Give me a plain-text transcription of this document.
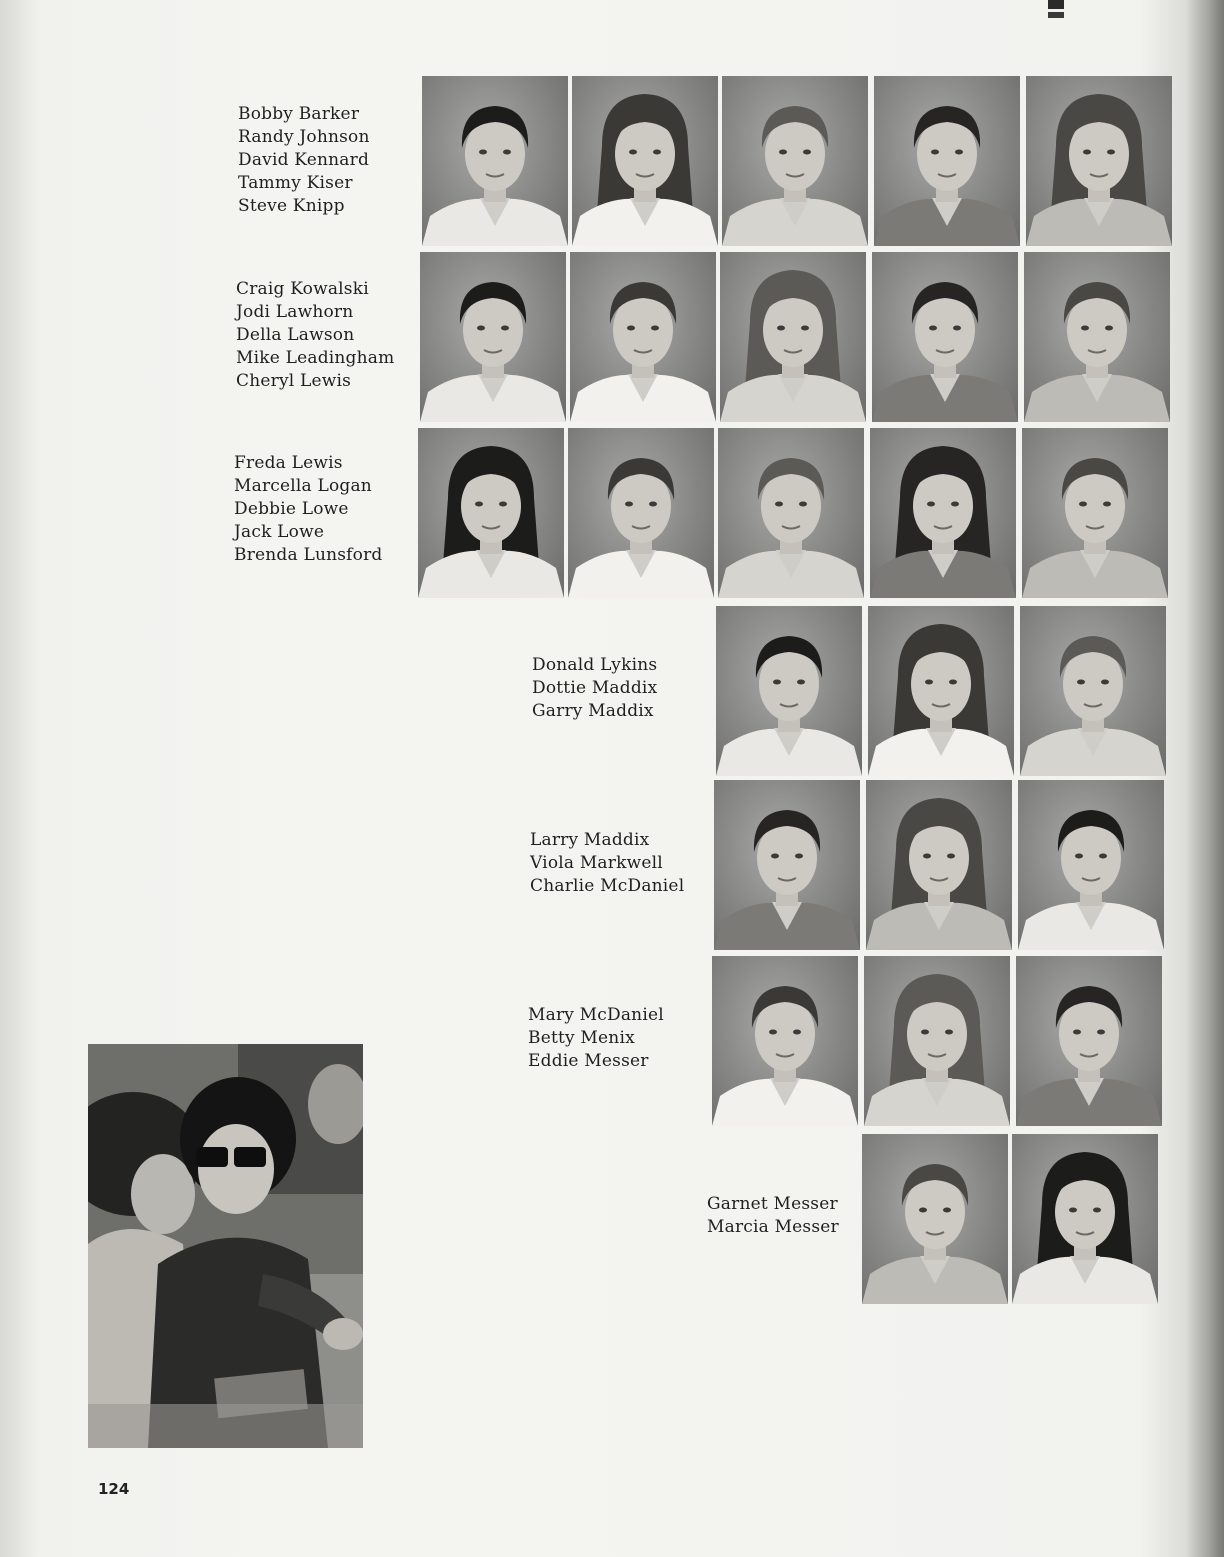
Bobby Barker
Randy Johnson
David Kennard
Tammy Kiser
Steve Knipp
Craig Kowalski
Jodi Lawhorn
Della Lawson
Mike Leadingham
Cheryl Lewis
Freda Lewis
Marcella Logan
Debbie Lowe
Jack Lowe
Brenda Lunsford
Donald Lykins
Dottie Maddix
Garry Maddix
Larry Maddix
Viola Markwell
Charlie McDaniel
Mary McDaniel
Betty Menix
Eddie Messer
Garnet Messer
Marcia Messer
124
